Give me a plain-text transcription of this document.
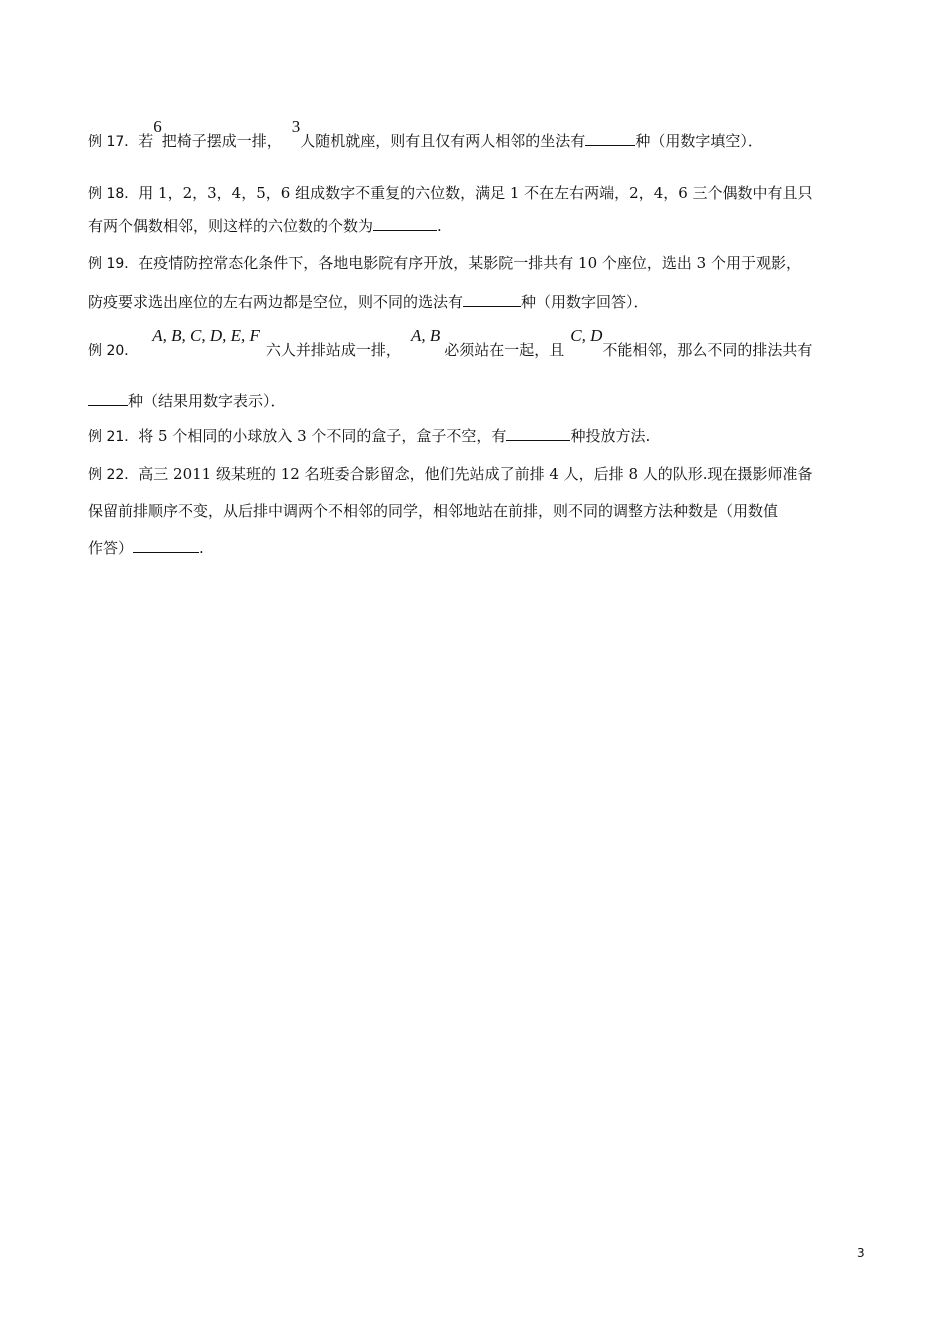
例 17．若6把椅子摆成一排，3人随机就座，则有且仅有两人相邻的坐法有	种（用数字填空）．
例 18．用 1，2，3，4，5，6 组成数字不重复的六位数，满足 1 不在左右两端，2，4，6 三个偶数中有且只
有两个偶数相邻，则这样的六位数的个数为	.
例 19．在疫情防控常态化条件下，各地电影院有序开放，某影院一排共有 10 个座位，选出 3 个用于观影，
防疫要求选出座位的左右两边都是空位，则不同的选法有	种（用数字回答）．
例 20．A, B, C, D, E, F六人并排站成一排，A, B必须站在一起，且C, D不能相邻，那么不同的排法共有
种（结果用数字表示）．
例 21．将 5 个相同的小球放入 3 个不同的盒子，盒子不空，有	种投放方法.
例 22．高三 2011 级某班的 12 名班委合影留念，他们先站成了前排 4 人，后排 8 人的队形.现在摄影师准备
保留前排顺序不变，从后排中调两个不相邻的同学，相邻地站在前排，则不同的调整方法种数是（用数值
作答）	.
3
